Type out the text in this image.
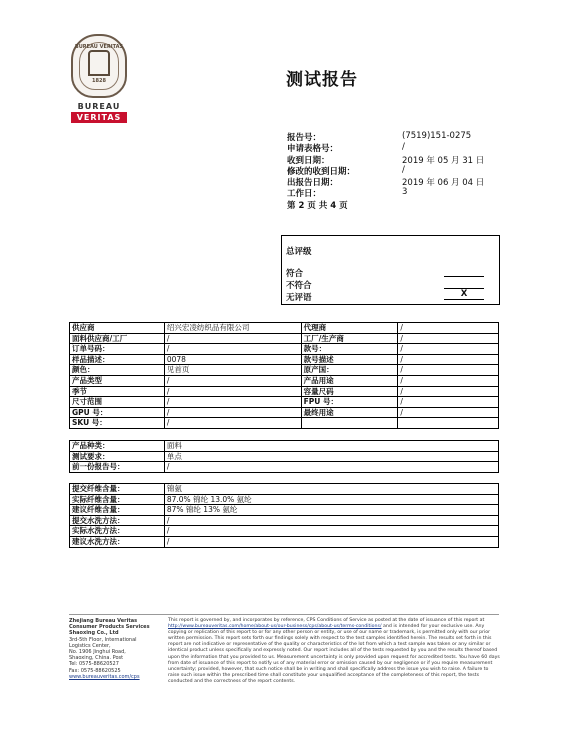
BUREAU VERITAS
1828
BUREAU
VERITAS
测试报告
报告号：	(7519)151-0275
申请表格号：	/
收到日期：	2019 年 05 月 31 日
修改的收到日期：	/
出报告日期：	2019 年 06 月 04 日
工作日：	3
第 2 页 共 4 页
总评级
符合
不符合
无评语	X
供应商	绍兴宏凌纺织品有限公司	代理商	/
面料供应商/工厂	/	工厂/生产商	/
订单号码：	/	款号：	/
样品描述：	0078	款号描述	/
颜色：	见首页	原产国：	/
产品类型	/	产品用途	/
季节	/	容量尺码	/
尺寸范围	/	FPU 号：	/
GPU 号：	/	最终用途	/
SKU 号：	/		
产品种类：	面料
测试要求：	单点
前一份报告号：	/
提交纤维含量：	锦氨
实际纤维含量：	87.0% 锦纶 13.0% 氨纶
建议纤维含量：	87% 锦纶 13% 氨纶
提交水洗方法：	/
实际水洗方法：	/
建议水洗方法：	/
Zhejiang Bureau Veritas
Consumer Products Services
Shaoxing Co., Ltd
3rd-5th Floor, International
Logistics Center,
No. 1906 Jinghui Road,
Shaoxing, China. Post
Tel: 0575-88620527
Fax: 0575-88620525
www.bureauveritas.com/cps
This report is governed by, and incorporates by reference, CPS Conditions of Service as posted at the date of issuance of this report at http://www.bureauveritas.com/home/about-us/our-business/cps/about-us/terms-conditions/ and is intended for your exclusive use. Any copying or replication of this report to or for any other person or entity, or use of our name or trademark, is permitted only with our prior written permission. This report sets forth our findings solely with respect to the test samples identified herein. The results set forth in this report are not indicative or representative of the quality or characteristics of the lot from which a test sample was taken or any similar or identical product unless specifically and expressly noted. Our report includes all of the tests requested by you and the results thereof based upon the information that you provided to us. Measurement uncertainty is only provided upon request for accredited tests. You have 60 days from date of issuance of this report to notify us of any material error or omission caused by our negligence or if you require measurement uncertainty; provided, however, that such notice shall be in writing and shall specifically address the issue you wish to raise. A failure to raise such issue within the prescribed time shall constitute your unqualified acceptance of the completeness of this report, the tests conducted and the correctness of the report contents.
